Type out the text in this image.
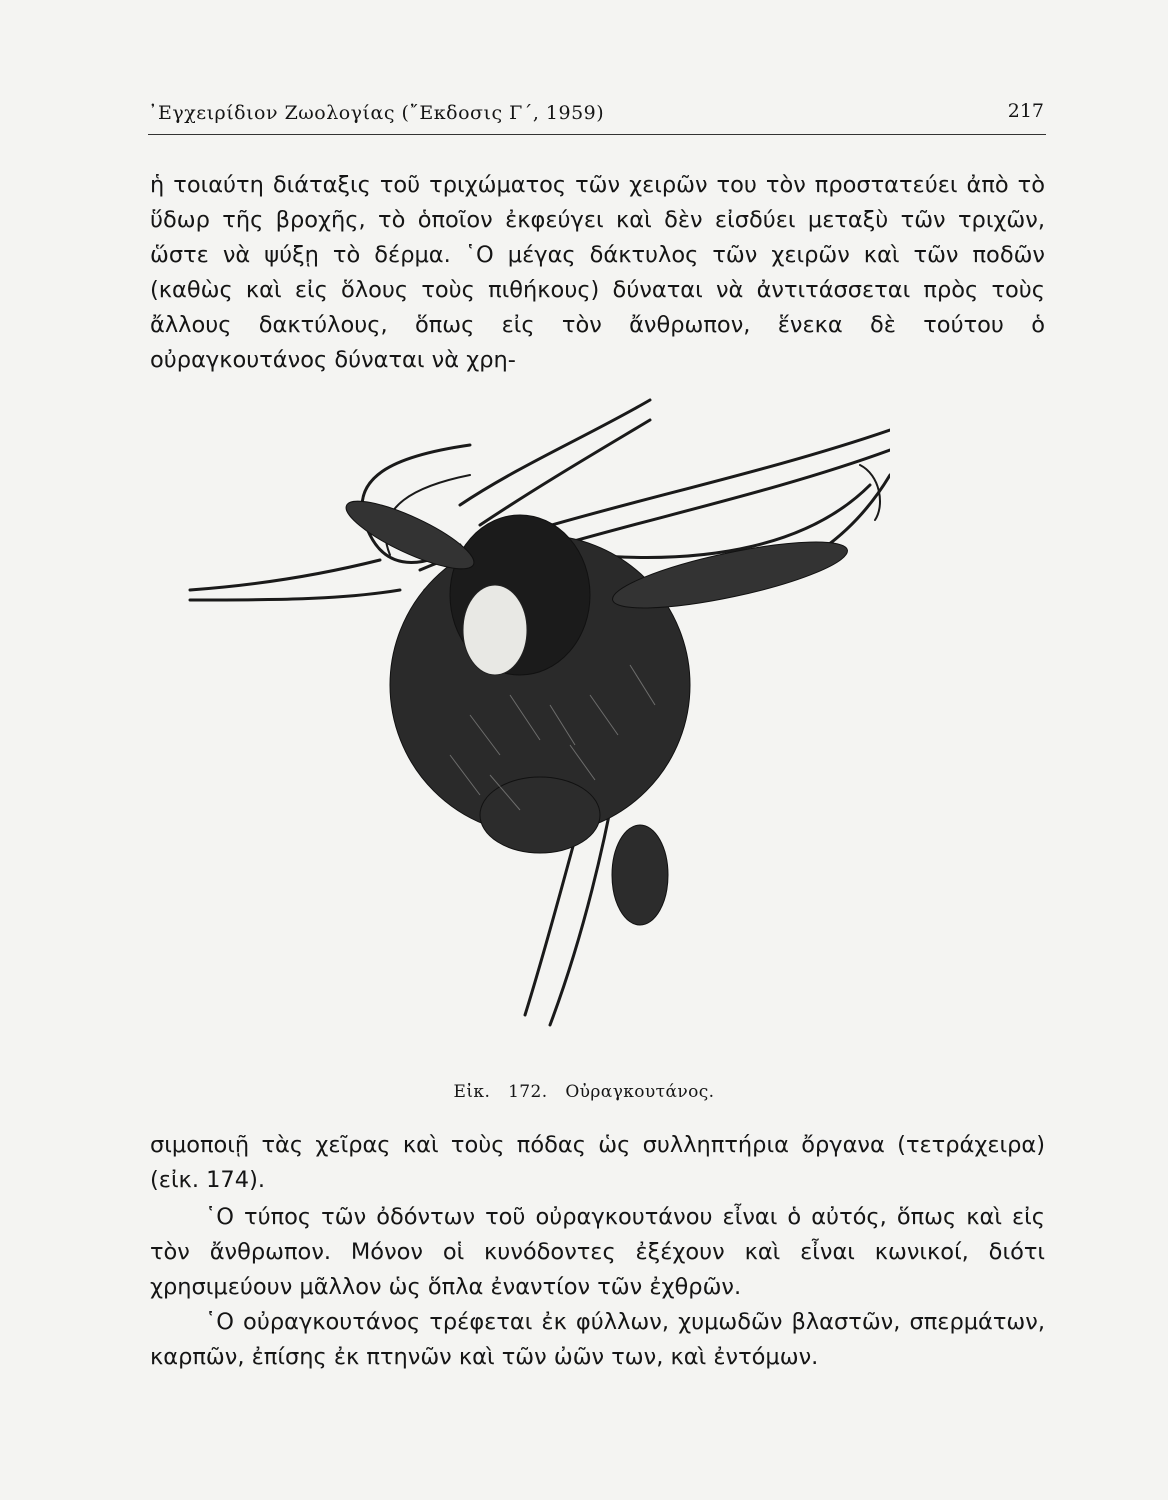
᾿Εγχειρίδιον Ζωολογίας (῎Εκδοσις Γ΄, 1959)	217

ἡ τοιαύτη διάταξις τοῦ τριχώματος τῶν χειρῶν του τὸν προστατεύει ἀπὸ τὸ ὕδωρ τῆς βροχῆς, τὸ ὁποῖον ἐκφεύγει καὶ δὲν εἰσδύει μεταξὺ τῶν τριχῶν, ὥστε νὰ ψύξῃ τὸ δέρμα. ῾Ο μέγας δάκτυλος τῶν χειρῶν καὶ τῶν ποδῶν (καθὼς καὶ εἰς ὅλους τοὺς πιθήκους) δύναται νὰ ἀντιτάσσεται πρὸς τοὺς ἄλλους δακτύλους, ὅπως εἰς τὸν ἄνθρωπον, ἕνεκα δὲ τούτου ὁ οὐραγκουτάνος δύναται νὰ χρη-

Εἰκ. 172. Οὐραγκουτάνος.

σιμοποιῇ τὰς χεῖρας καὶ τοὺς πόδας ὡς συλληπτήρια ὄργανα (τετράχειρα) (εἰκ. 174).

῾Ο τύπος τῶν ὀδόντων τοῦ οὐραγκουτάνου εἶναι ὁ αὐτός, ὅπως καὶ εἰς τὸν ἄνθρωπον. Μόνον οἱ κυνόδοντες ἐξέχουν καὶ εἶναι κωνικοί, διότι χρησιμεύουν μᾶλλον ὡς ὅπλα ἐναντίον τῶν ἐχθρῶν.

῾Ο οὐραγκουτάνος τρέφεται ἐκ φύλλων, χυμωδῶν βλαστῶν, σπερμάτων, καρπῶν, ἐπίσης ἐκ πτηνῶν καὶ τῶν ὠῶν των, καὶ ἐντόμων.
